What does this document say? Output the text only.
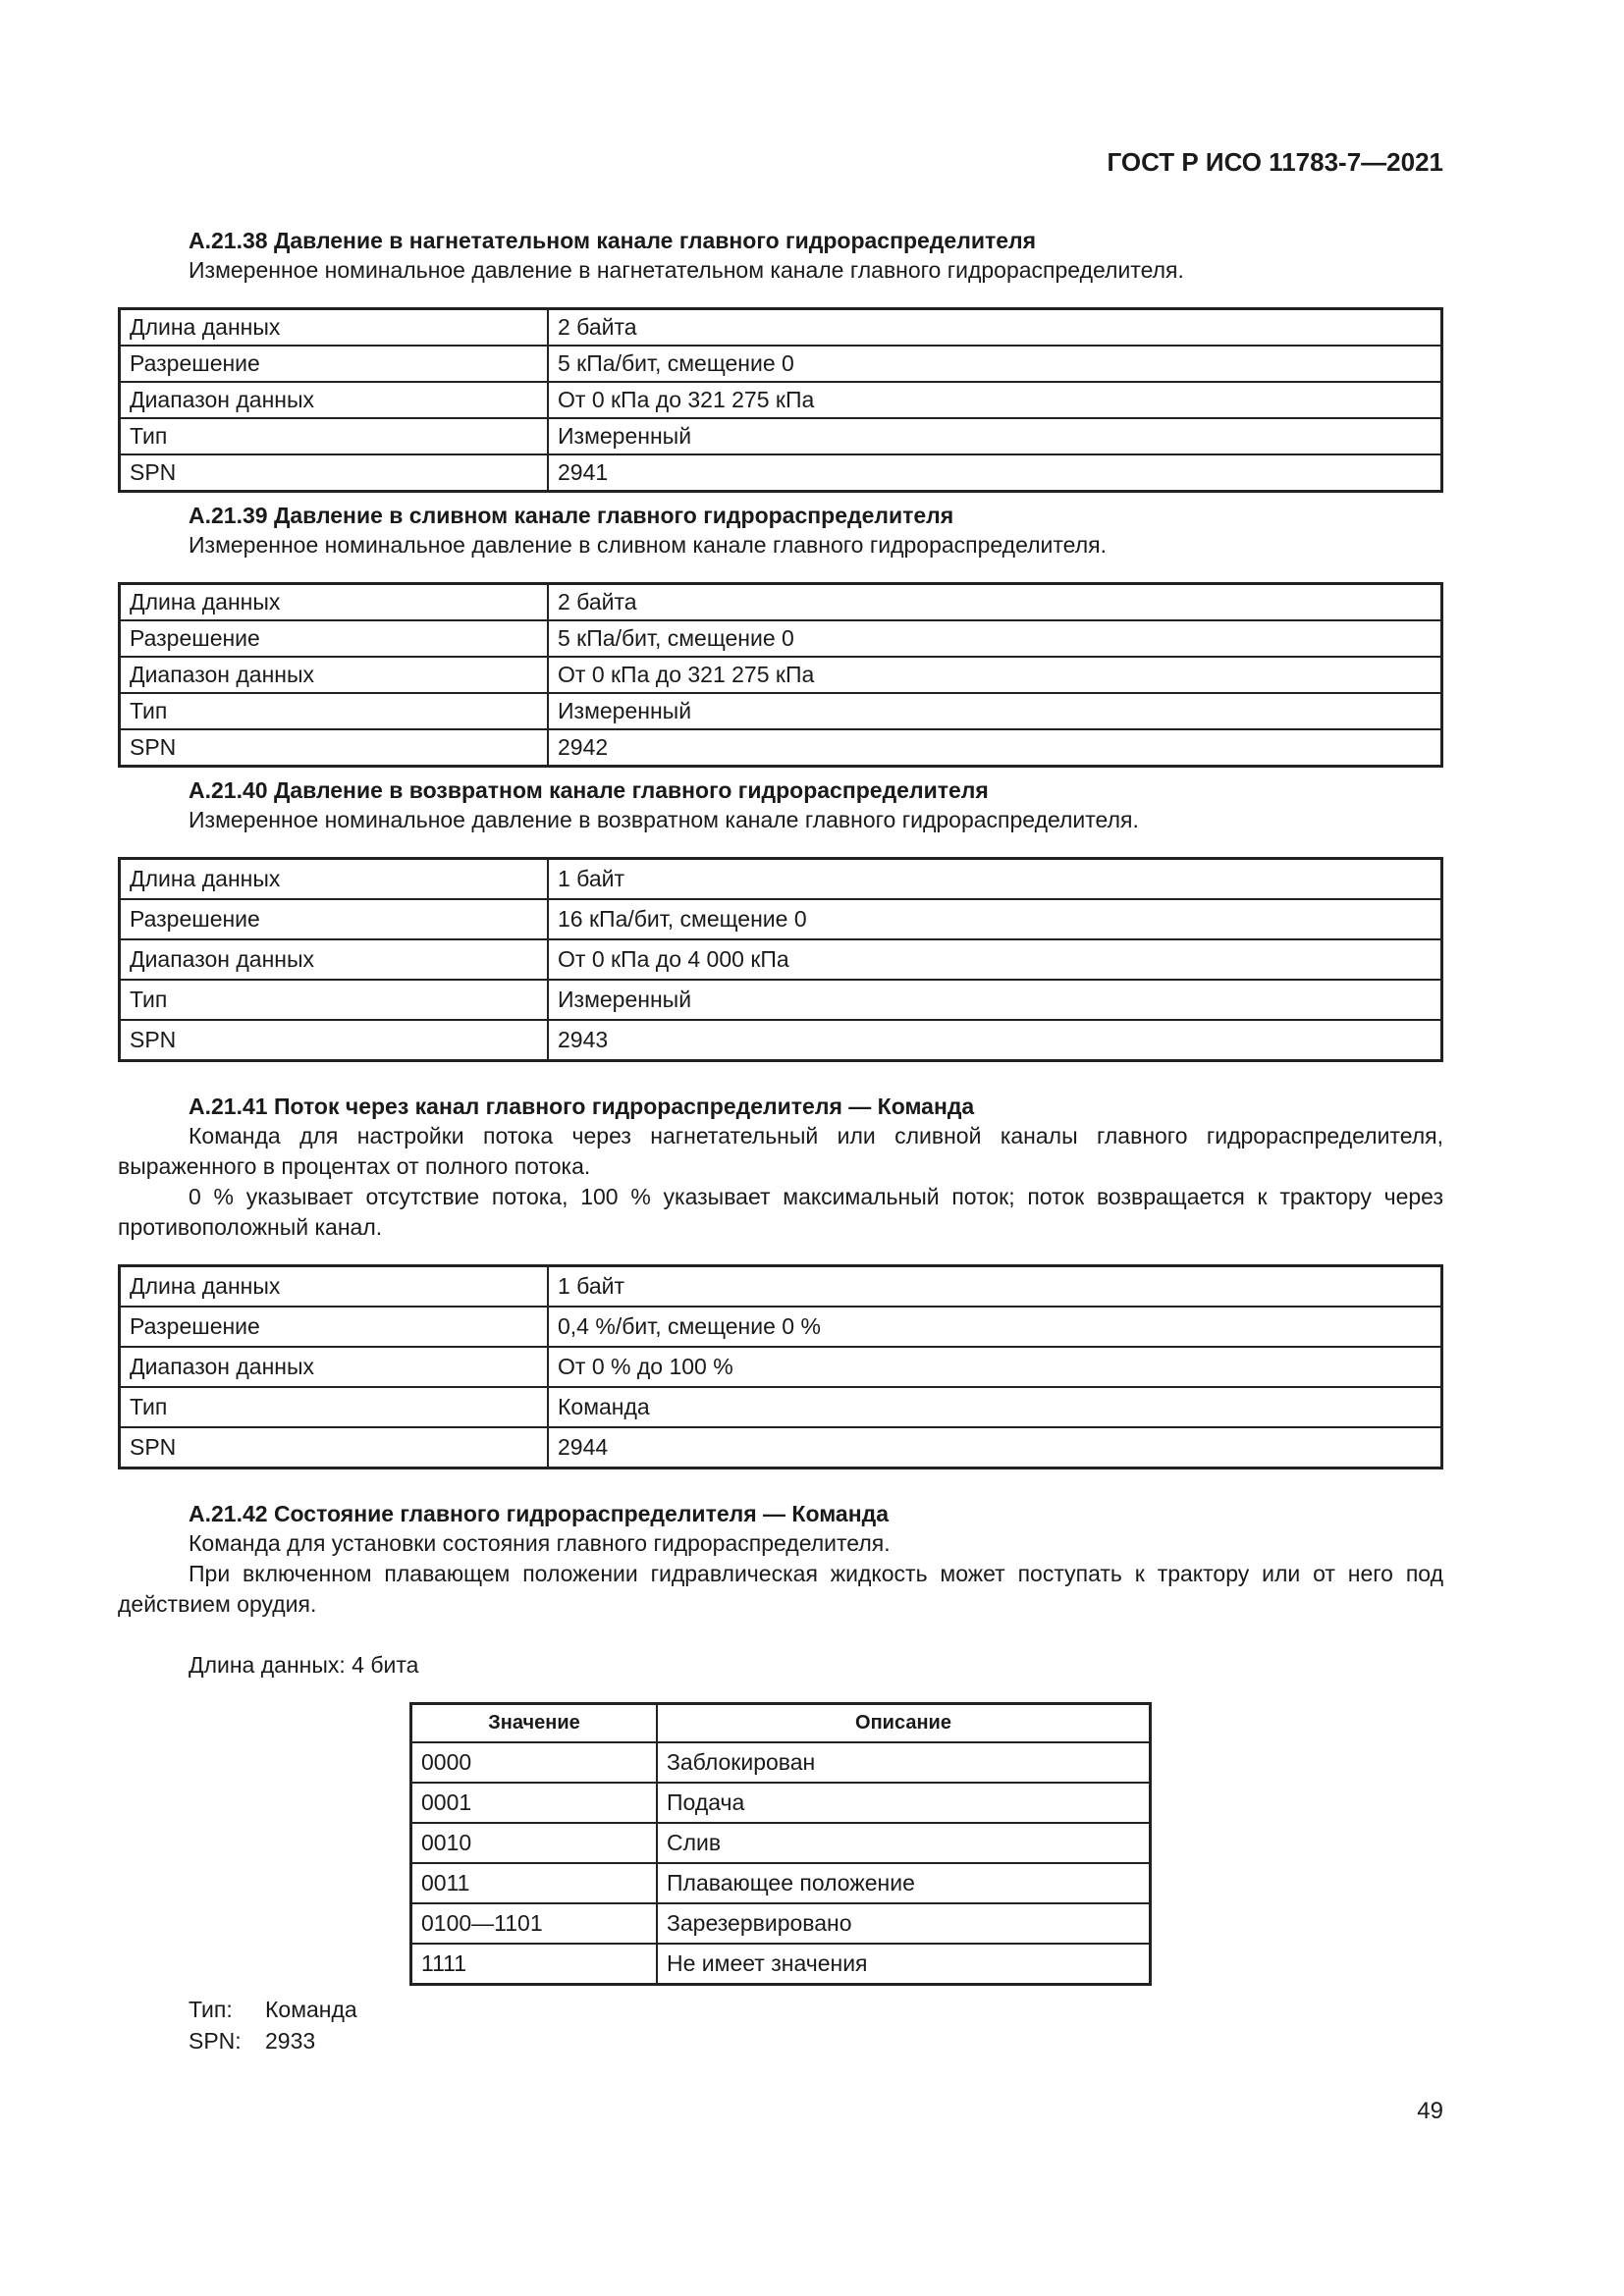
ГОСТ Р ИСО 11783-7—2021
А.21.38 Давление в нагнетательном канале главного гидрораспределителя

Измеренное номинальное давление в нагнетательном канале главного гидрораспределителя.

Длина данных	2 байта
Разрешение	5 кПа/бит, смещение 0
Диапазон данных	От 0 кПа до 321 275 кПа
Тип	Измеренный
SPN	2941
А.21.39 Давление в сливном канале главного гидрораспределителя

Измеренное номинальное давление в сливном канале главного гидрораспределителя.

Длина данных	2 байта
Разрешение	5 кПа/бит, смещение 0
Диапазон данных	От 0 кПа до 321 275 кПа
Тип	Измеренный
SPN	2942
А.21.40 Давление в возвратном канале главного гидрораспределителя

Измеренное номинальное давление в возвратном канале главного гидрораспределителя.

Длина данных	1 байт
Разрешение	16 кПа/бит, смещение 0
Диапазон данных	От 0 кПа до 4 000 кПа
Тип	Измеренный
SPN	2943
А.21.41 Поток через канал главного гидрораспределителя — Команда

Команда для настройки потока через нагнетательный или сливной каналы главного гидрораспределителя, выраженного в процентах от полного потока.

0 % указывает отсутствие потока, 100 % указывает максимальный поток; поток возвращается к трактору через противоположный канал.

Длина данных	1 байт
Разрешение	0,4 %/бит, смещение 0 %
Диапазон данных	От 0 % до 100 %
Тип	Команда
SPN	2944
А.21.42 Состояние главного гидрораспределителя — Команда

Команда для установки состояния главного гидрораспределителя.

При включенном плавающем положении гидравлическая жидкость может поступать к трактору или от него под действием орудия.

Длина данных: 4 бита
Значение	Описание
0000	Заблокирован
0001	Подача
0010	Слив
0011	Плавающее положение
0100—1101	Зарезервировано
1111	Не имеет значения
Тип: Команда
SPN: 2933
49
